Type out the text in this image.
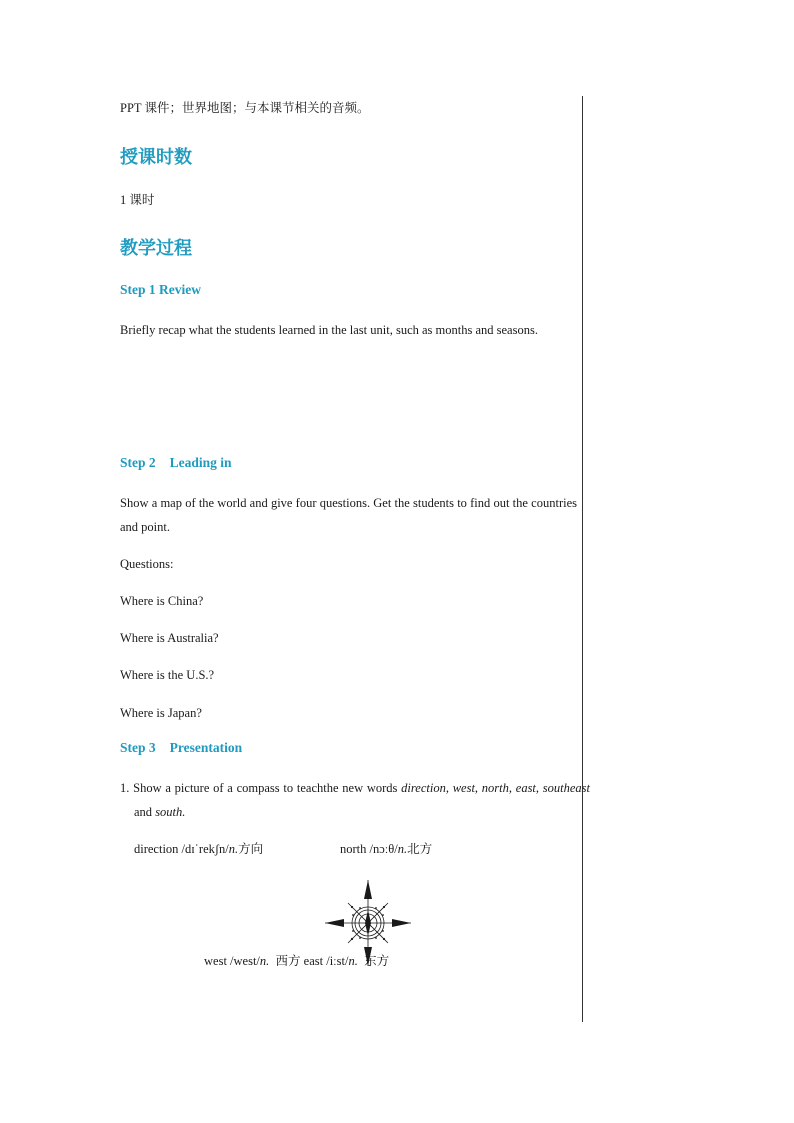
PPT 课件；世界地图；与本课节相关的音频。

授课时数

1 课时

教学过程

Step 1 Review

Briefly recap what the students learned in the last unit, such as months and seasons.

Step 2 Leading in

Show a map of the world and give four questions. Get the students to find out the countries and point.

Questions:

Where is China?

Where is Australia?

Where is the U.S.?

Where is Japan?

Step 3 Presentation

1. Show a picture of a compass to teachthe new words direction, west, north, east, southeast and south.

direction /dɪˈrekʃn/n.方向	north /nɔːθ/n.北方

west /west/n. 西方 east /iːst/n. 东方
